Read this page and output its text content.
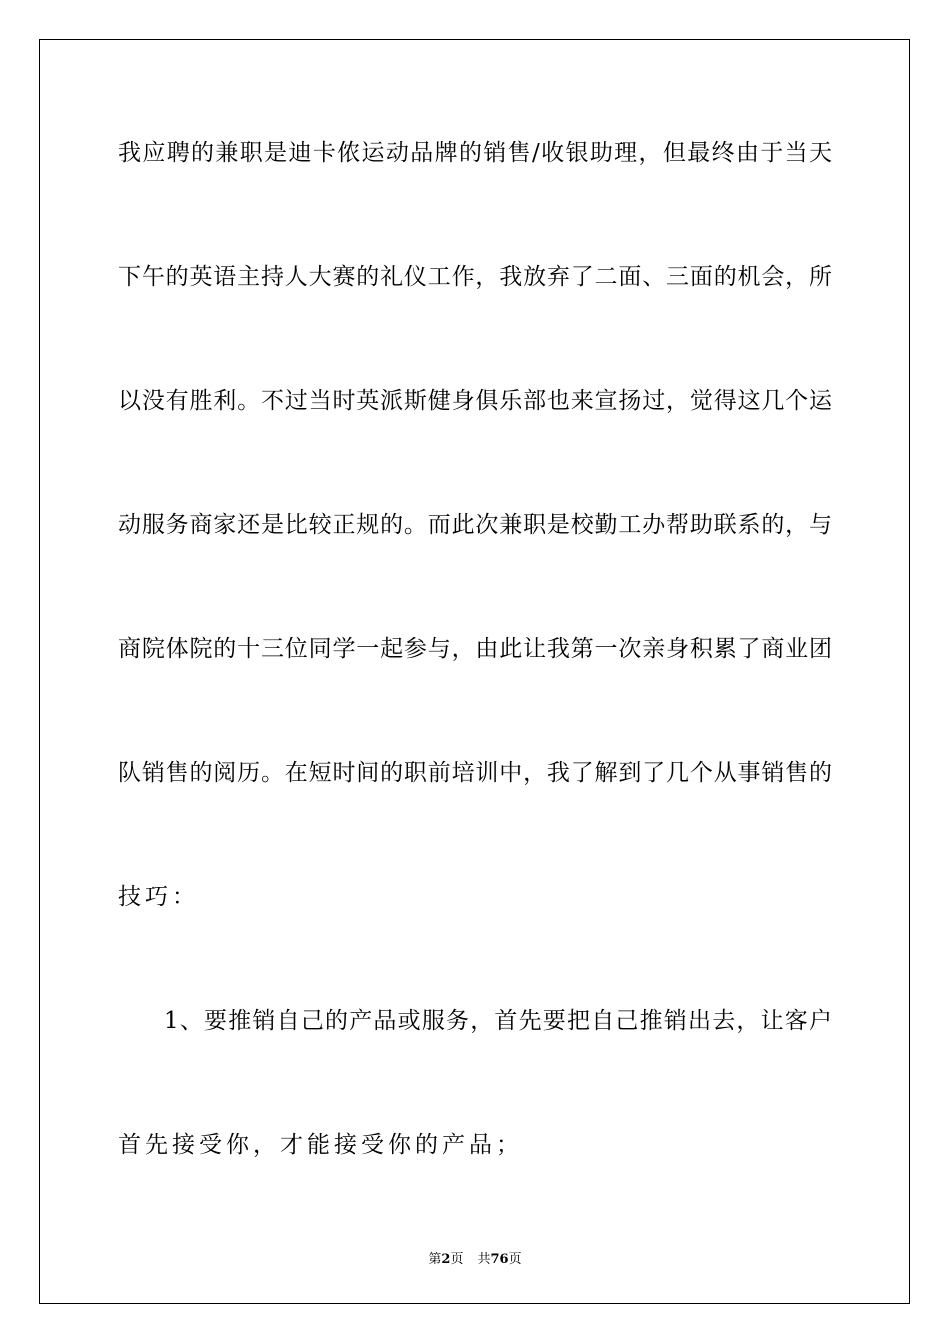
我应聘的兼职是迪卡侬运动品牌的销售/收银助理，但最终由于当天
下午的英语主持人大赛的礼仪工作，我放弃了二面、三面的机会，所
以没有胜利。不过当时英派斯健身俱乐部也来宣扬过，觉得这几个运
动服务商家还是比较正规的。而此次兼职是校勤工办帮助联系的，与
商院体院的十三位同学一起参与，由此让我第一次亲身积累了商业团
队销售的阅历。在短时间的职前培训中，我了解到了几个从事销售的
技巧：
1、要推销自己的产品或服务，首先要把自己推销出去，让客户
首先接受你，才能接受你的产品；
第2页 共76页
